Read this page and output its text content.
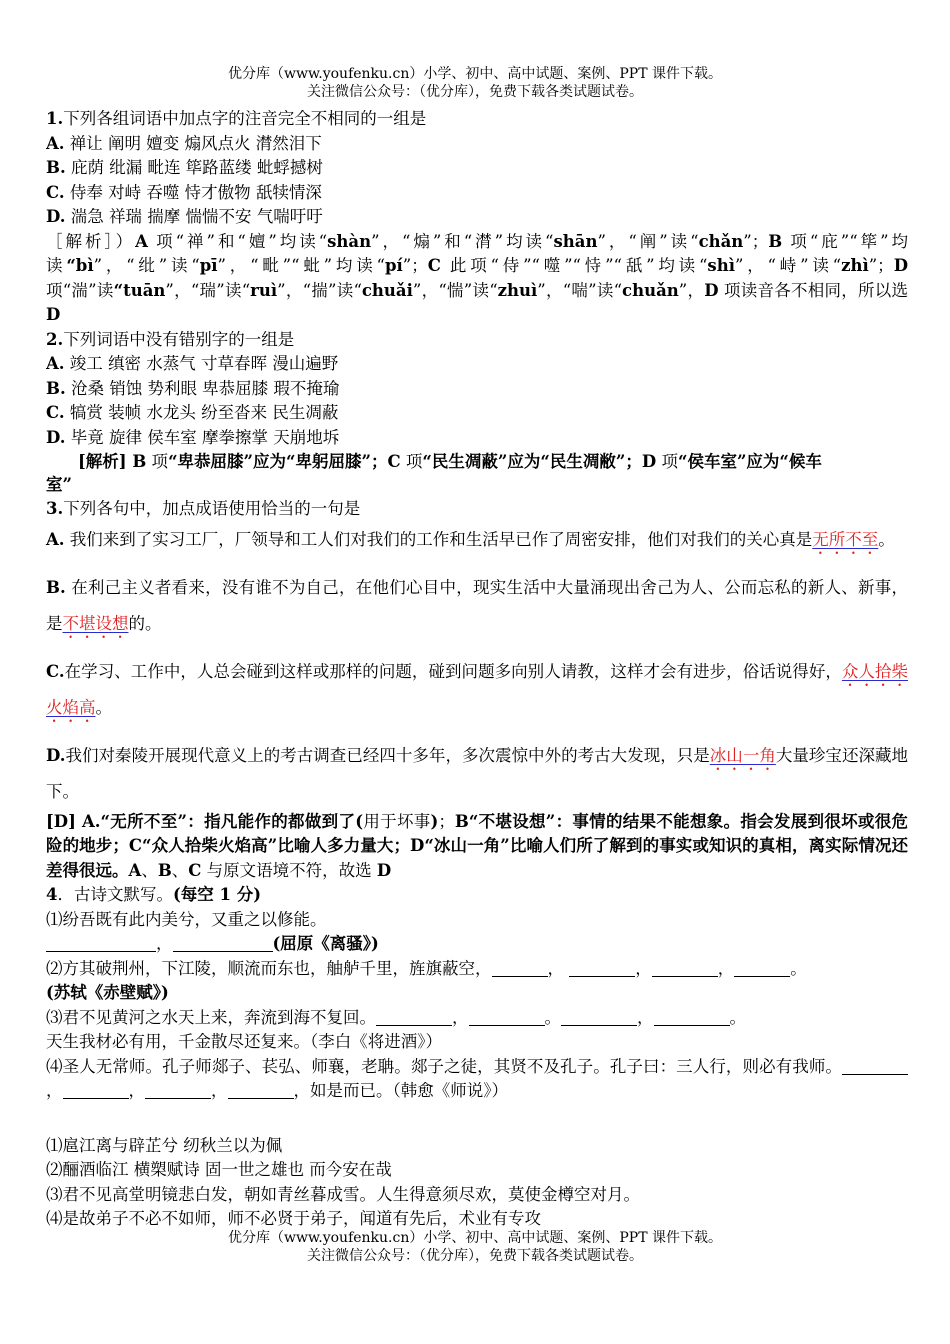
优分库（www.youfenku.cn）小学、初中、高中试题、案例、PPT 课件下载。
关注微信公众号：（优分库），免费下载各类试题试卷。
1.下列各组词语中加点字的注音完全不相同的一组是
A. 禅让 阐明 嬗变 煽风点火 潸然泪下
B. 庇荫 纰漏 毗连 筚路蓝缕 蚍蜉撼树
C. 侍奉 对峙 吞噬 恃才傲物 舐犊情深
D. 湍急 祥瑞 揣摩 惴惴不安 气喘吁吁
［解析］）A 项“禅”和“嬗”均读“shàn”，“煽”和“潸”均读“shān”，“阐”读“chǎn”；B 项“庇”“筚”均读“bì”，“纰”读“pī”，“毗”“蚍”均读“pí”；C 此项“侍”“噬”“恃”“舐”均读“shì”，“峙”读“zhì”；D 项“湍”读“tuān”，“瑞”读“ruì”，“揣”读“chuǎi”，“惴”读“zhuì”，“喘”读“chuǎn”，D 项读音各不相同，所以选 D
2.下列词语中没有错别字的一组是
A. 竣工 缜密 水蒸气 寸草春晖 漫山遍野
B. 沧桑 销蚀 势利眼 卑恭屈膝 瑕不掩瑜
C. 犒赏 装帧 水龙头 纷至沓来 民生凋蔽
D. 毕竟 旋律 侯车室 摩拳擦掌 天崩地坼
[解析] B 项“卑恭屈膝”应为“卑躬屈膝”；C 项“民生凋蔽”应为“民生凋敝”；D 项“侯车室”应为“候车
室”
3.下列各句中，加点成语使用恰当的一句是
A. 我们来到了实习工厂，厂领导和工人们对我们的工作和生活早已作了周密安排，他们对我们的关心真是无所不至。
B. 在利己主义者看来，没有谁不为自己，在他们心目中，现实生活中大量涌现出舍己为人、公而忘私的新人、新事，是不堪设想的。
C.在学习、工作中，人总会碰到这样或那样的问题，碰到问题多向别人请教，这样才会有进步，俗话说得好，众人拾柴火焰高。
D.我们对秦陵开展现代意义上的考古调查已经四十多年，多次震惊中外的考古大发现，只是冰山一角大量珍宝还深藏地下。
[D] A.“无所不至”：指凡能作的都做到了(用于坏事)；B“不堪设想”：事情的结果不能想象。指会发展到很坏或很危险的地步；C“众人拾柴火焰高”比喻人多力量大；D“冰山一角”比喻人们所了解到的事实或知识的真相，离实际情况还差得很远。A、B、C 与原文语境不符，故选 D
4．古诗文默写。(每空 1 分)
⑴纷吾既有此内美兮，又重之以修能。
，	(屈原《离骚》)
⑵方其破荆州，下江陵，顺流而东也，舳舻千里，旌旗蔽空，	，	，	，	。
(苏轼《赤壁赋》)
⑶君不见黄河之水天上来，奔流到海不复回。	，	。	，	。
天生我材必有用，千金散尽还复来。（李白《将进酒》）
⑷圣人无常师。孔子师郯子、苌弘、师襄，老聃。郯子之徒，其贤不及孔子。孔子曰：三人行，则必有我师。，	，	，	，如是而已。（韩愈《师说》）
⑴扈江离与辟芷兮 纫秋兰以为佩
⑵酾酒临江 横槊赋诗 固一世之雄也 而今安在哉
⑶君不见高堂明镜悲白发，朝如青丝暮成雪。人生得意须尽欢，莫使金樽空对月。
⑷是故弟子不必不如师，师不必贤于弟子，闻道有先后，术业有专攻
优分库（www.youfenku.cn）小学、初中、高中试题、案例、PPT 课件下载。
关注微信公众号：（优分库），免费下载各类试题试卷。
